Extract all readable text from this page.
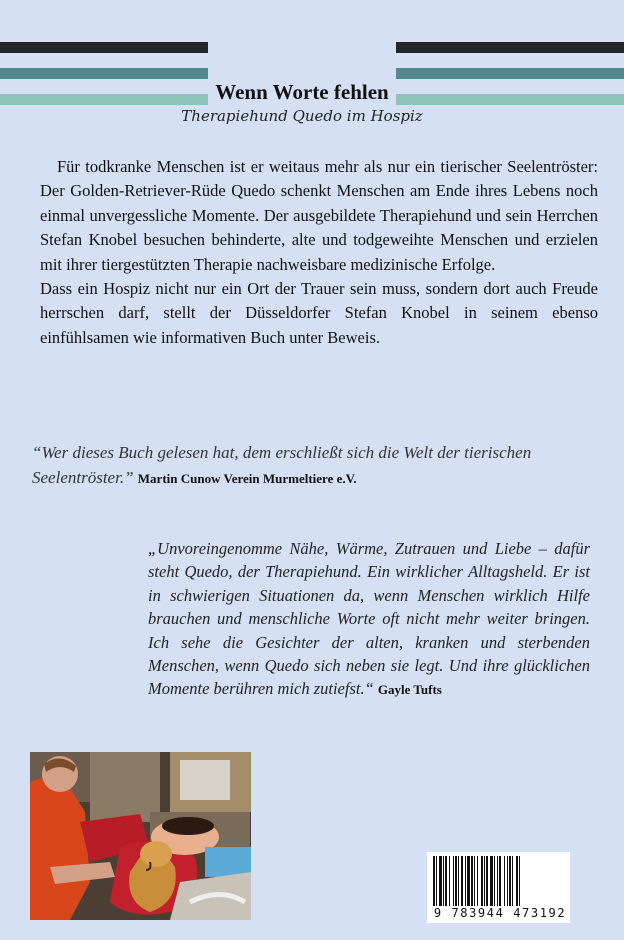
Wenn Worte fehlen
Therapiehund Quedo im Hospiz

Für todkranke Menschen ist er weitaus mehr als nur ein tierischer Seelentröster: Der Golden-Retriever-Rüde Quedo schenkt Menschen am Ende ihres Lebens noch einmal unvergessliche Momente. Der ausgebildete Therapiehund und sein Herrchen Stefan Knobel besuchen behinderte, alte und todgeweihte Menschen und erzielen mit ihrer tiergestützten Therapie nachweisbare medizinische Erfolge.

Dass ein Hospiz nicht nur ein Ort der Trauer sein muss, sondern dort auch Freude herrschen darf, stellt der Düsseldorfer Stefan Knobel in seinem ebenso einfühlsamen wie informativen Buch unter Beweis.

“Wer dieses Buch gelesen hat, dem erschließt sich die Welt der tierischen Seelentröster.” Martin Cunow Verein Murmeltiere e.V.
„Unvoreingenomme Nähe, Wärme, Zutrauen und Liebe – dafür steht Quedo, der Therapiehund. Ein wirklicher Alltagsheld. Er ist in schwierigen Situationen da, wenn Menschen wirklich Hilfe brauchen und menschliche Worte oft nicht mehr weiter bringen. Ich sehe die Gesichter der alten, kranken und sterbenden Menschen, wenn Quedo sich neben sie legt. Und ihre glücklichen Momente berühren mich zutiefst.“ Gayle Tufts
9 783944 473192
